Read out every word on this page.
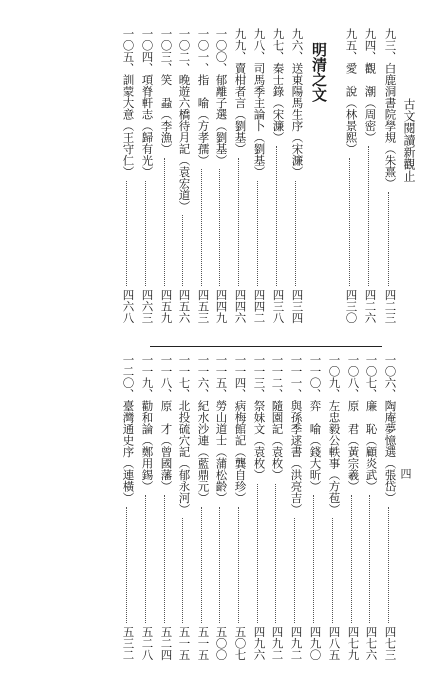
古文閱讀新觀止
明清之文
四
九三、白鹿洞書院學規（朱熹）
四二三
九四、觀　潮（周密）
四二六
九五、愛　說（林景熙）
四三〇
九六、送東陽馬生序（宋濂）
四三四
九七、秦士錄（宋濂）
四三八
九八、司馬季主論卜（劉基）
四四二
九九、賣柑者言（劉基）
四四六
一〇〇、郁離子選（劉基）
四四九
一〇一、指　喻（方孝孺）
四五三
一〇二、晚遊六橋待月記（袁宏道）
四五六
一〇三、笑　蝨（李漁）
四五九
一〇四、項脊軒志（歸有光）
四六三
一〇五、訓蒙大意（王守仁）
四六八
一〇六、陶庵夢憶選（張岱）
四七三
一〇七、廉　恥（顧炎武）
四七六
一〇八、原　君（黃宗羲）
四七九
一〇九、左忠毅公軼事（方苞）
四八五
一一〇、弈　喻（錢大昕）
四九〇
一一一、與孫季逑書（洪亮吉）
四九二
一一二、隨園記（袁枚）
四九二
一一三、祭妹文（袁枚）
四九六
一一四、病梅館記（龔自珍）
五〇七
一一五、勞山道士（蒲松齡）
五〇〇
一一六、紀水沙連（藍鼎元）
五一五
一一七、北投硫穴記（郁永河）
五一五
一一八、原　才（曾國藩）
五二四
一一九、勸和論（鄭用錫）
五二八
一二〇、臺灣通史序（連橫）
五三二
